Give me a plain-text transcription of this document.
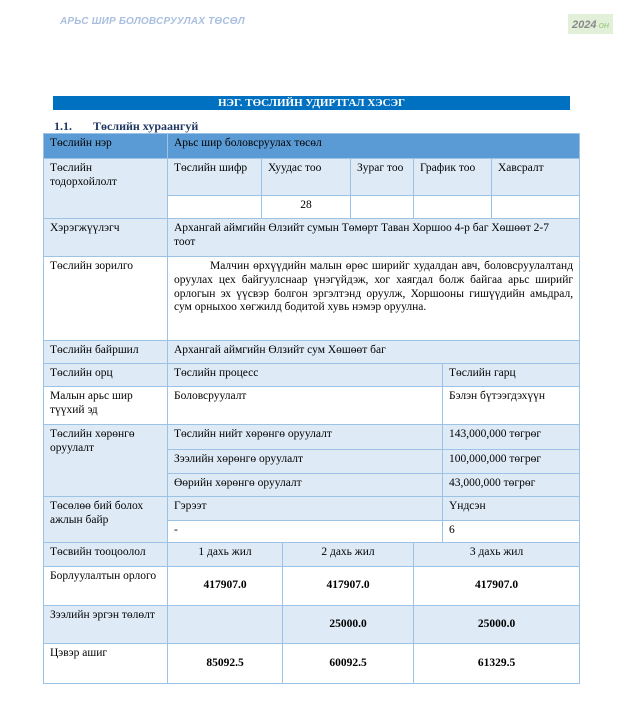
АРЬС ШИР БОЛОВСРУУЛАХ ТӨСӨЛ	2024 ОН
НЭГ. ТӨСЛИЙН УДИРТГАЛ ХЭСЭГ
1.1. Төслийн хураангуй
Төслийн нэр	Арьс шир боловсруулах төсөл						
Төслийн тодорхойлолт	Төслийн шифр	Хуудас тоо		Зураг тоо	График тоо		Хавсралт
		28					
Хэрэгжүүлэгч	Архангай аймгийн Өлзийт сумын Төмөрт Таван Хоршоо 4-р баг Хөшөөт 2-7 тоот						
Төслийн зорилго	Малчин өрхүүдийн малын өрөс ширийг худалдан авч, боловсруулалтанд оруулах цех байгуулснаар үнэгүйдэж, хог хаягдал болж байгаа арьс ширийг орлогын эх үүсвэр болгон эргэлтэнд оруулж, Хоршооны гишүүдийн амьдрал, сум орныхоо хөгжилд бодитой хувь нэмэр оруулна.						
Төслийн байршил	Архангай аймгийн Өлзийт сум Хөшөөт баг						
Төслийн орц	Төслийн процесс					Төслийн гарц	
Малын арьс шир түүхий эд	Боловсруулалт					Бэлэн бүтээгдэхүүн	
Төслийн хөрөнгө оруулалт	Төслийн нийт хөрөнгө оруулалт					143,000,000 төгрөг	
	Зээлийн хөрөнгө оруулалт					100,000,000 төгрөг	
	Өөрийн хөрөнгө оруулалт					43,000,000 төгрөг	
Төсөлөө бий болох ажлын байр	Гэрээт					Үндсэн	
	-					6	
Төсвийн тооцоолол	1 дахь жил		2 дахь жил		3 дахь жил		
Борлуулалтын орлого	417907.0		417907.0		417907.0		
Зээлийн эргэн төлөлт			25000.0		25000.0		
Цэвэр ашиг	85092.5		60092.5		61329.5		
